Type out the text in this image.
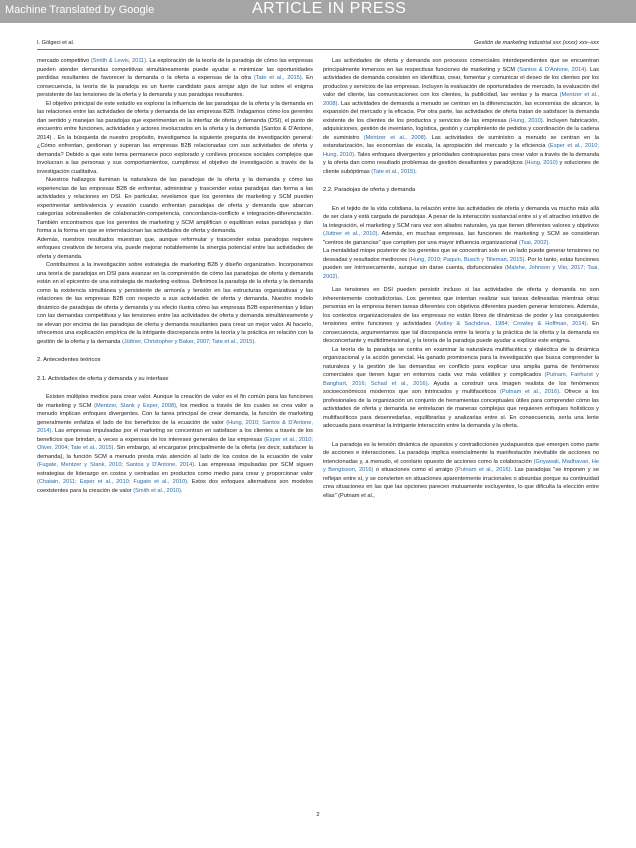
Machine Translated by Google	ARTICLE IN PRESS
I. Gölgeci et al.	Gestión de marketing industrial xxx (xxxx) xxx–xxx

mercado competitivo (Smith & Lewis, 2011). La exploración de la teoría de la paradoja de cómo las empresas pueden atender demandas competitivas simultáneamente puede ayudar a minimizar las oportunidades perdidas resultantes de favorecer la demanda o la oferta a expensas de la otra (Tate et al., 2015). En consecuencia, la teoría de la paradoja es un fuerte candidato para arrojar algo de luz sobre el enigma persistente de las tensiones de la oferta y la demanda y sus paradojas resultantes.

El objetivo principal de este estudio es explorar la influencia de las paradojas de la oferta y la demanda en las relaciones entre las actividades de oferta y demanda de las empresas B2B. Indagamos cómo los gerentes dan sentido y manejan las paradojas que experimentan en la interfaz de oferta y demanda (DSI), el punto de encuentro entre funciones, actividades y actores involucrados en la oferta y la demanda (Santos & D'Antone, 2014) . En la búsqueda de nuestro propósito, investigamos la siguiente pregunta de investigación general: ¿Cómo enfrentan, gestionan y superan las empresas B2B relacionadas con sus actividades de oferta y demanda? Debido a que este tema permanece poco explorado y conlleva procesos sociales complejos que involucran a las personas y sus comportamientos, cumplimos el objetivo de investigación a través de la investigación cualitativa.

Nuestros hallazgos iluminan la naturaleza de las paradojas de la oferta y la demanda y cómo las experiencias de las empresas B2B de enfrentar, administrar y trascender estas paradojas dan forma a las actividades y relaciones en DSI. En particular, revelamos que los gerentes de marketing y SCM pueden experimentar ambivalencia y evasión cuando enfrentan paradojas de oferta y demanda que abarcan categorías sobresalientes de colaboración-competencia, concordancia-conflicto e integración-diferenciación. También encontramos que los gerentes de marketing y SCM amplifican o equilibran estas paradojas y dan forma a la forma en que se interrelacionan las actividades de oferta y demanda.

Además, nuestros resultados muestran que, aunque reformular y trascender estas paradojas requiere enfoques creativos de tercera vía, puede mejorar notablemente la sinergia potencial entre las actividades de oferta y demanda.

Contribuimos a la investigación sobre estrategia de marketing B2B y diseño organizativo. Incorporamos una teoría de paradojas en DSI para avanzar en la comprensión de cómo las paradojas de oferta y demanda están en el epicentro de una estrategia de marketing exitosa. Definimos la paradoja de la oferta y la demanda como la existencia simultánea y persistente de armonía y tensión en las estructuras organizativas y las relaciones de las empresas B2B con respecto a sus actividades de oferta y demanda. Nuestro modelo dinámico de paradojas de oferta y demanda y su efecto ilustra cómo las empresas B2B experimentan y lidian con las demandas competitivas y las tensiones entre las actividades de oferta y demanda simultáneamente y se elevan por encima de las paradojas de oferta y demanda resultantes para crear un mejor valor. Al hacerlo, ofrecemos una explicación empírica de la intrigante discrepancia entre la teoría y la práctica en relación con la gestión de la oferta y la demanda (Jüttner, Christopher y Baker, 2007; Tate et al., 2015).

2. Antecedentes teóricos
2.1. Actividades de oferta y demanda y su interfase

Existen múltiples medios para crear valor. Aunque la creación de valor es el fin común para las funciones de marketing y SCM (Mentzer, Stank y Esper, 2008), los medios a través de los cuales se crea valor a menudo implican enfoques divergentes. Con la tarea principal de crear demanda, la función de marketing generalmente enfatiza el lado de los beneficios de la ecuación de valor (Hung, 2010; Santos & D'Antone, 2014). Las empresas impulsadas por el marketing se concentran en satisfacer a los clientes a través de los beneficios que brindan, a veces a expensas de los intereses generales de las empresas (Esper et al., 2010; Oliver, 2004; Tate et al., 2015). Sin embargo, al encargarse principalmente de la oferta (es decir, satisfacer la demanda), la función SCM a menudo presta más atención al lado de los costos de la ecuación de valor (Fugate, Mentzer y Stank, 2010; Santos y D'Antone, 2014). Las empresas impulsadas por SCM siguen estrategias de liderazgo en costos y centradas en productos como medio para crear y proporcionar valor (Chatain, 2011; Esper et al., 2010; Fugate et al., 2010). Estos dos enfoques alternativos son modelos coexistentes para la creación de valor (Smith et al., 2010).

Las actividades de oferta y demanda son procesos comerciales interdependientes que se encuentran principalmente inmersos en las respectivas funciones de marketing y SCM (Santos & D'Antone, 2014). Las actividades de demanda consisten en identificar, crear, fomentar y comunicar el deseo de los clientes por los productos y servicios de las empresas. Incluyen la evaluación de oportunidades de mercado, la evaluación del valor del cliente, las comunicaciones con los clientes, la publicidad, las ventas y la marca (Mentzer et al., 2008). Las actividades de demanda a menudo se centran en la diferenciación, las economías de alcance, la expansión del mercado y la eficacia. Por otra parte, las actividades de oferta tratan de satisfacer la demanda existente de los clientes de los productos y servicios de las empresas (Hung, 2010). Incluyen fabricación, adquisiciones, gestión de inventario, logística, gestión y cumplimiento de pedidos y coordinación de la cadena de suministro (Mentzer et al., 2008). Las actividades de suministro a menudo se centran en la estandarización, las economías de escala, la apropiación del mercado y la eficiencia (Esper et al., 2010; Hung, 2010). Tales enfoques divergentes y prioridades contrapuestas para crear valor a través de la demanda y la oferta dan como resultado problemas de gestión desafiantes y paradójicos (Hung, 2010) y soluciones de cliente subóptimas (Tate et al., 2015).

2.2. Paradojas de oferta y demanda

En el tejido de la vida cotidiana, la relación entre las actividades de oferta y demanda va mucho más allá de ser clara y está cargada de paradojas. A pesar de la interacción sustancial entre sí y el atractivo intuitivo de la integración, el marketing y SCM rara vez son aliados naturales, ya que tienen diferentes valores y objetivos (Jüttner et al., 2010). Además, en muchas empresas, las funciones de marketing y SCM se consideran "centros de ganancias" que compiten por una mayor influencia organizacional (Tsai, 2002).

La mentalidad miope posterior de los gerentes que se concentran solo en un lado puede generar tensiones no deseadas y resultados mediocres (Hung, 2010; Paquin, Busch y Tilleman, 2015). Por lo tanto, estas funciones pueden ser intrínsecamente, aunque sin darse cuenta, disfuncionales (Malshe, Johnson y Viio, 2017; Tsai, 2002).

Las tensiones en DSI pueden persistir incluso si las actividades de oferta y demanda no son inherentemente contradictorias. Los gerentes que intentan realizar sus tareas delineadas mientras otras personas en la empresa tienen tareas diferentes con objetivos diferentes pueden generar tensiones. Además, los contextos organizacionales de las empresas no están libres de dinámicas de poder y las consiguientes tensiones entre funciones y actividades (Astley & Sachdeva, 1984; Crowley & Hoffman, 2014). En consecuencia, argumentamos que tal discrepancia entre la teoría y la práctica de la oferta y la demanda es desconcertante y multidimensional, y la teoría de la paradoja puede ayudar a explicar este enigma.

La teoría de la paradoja se centra en examinar la naturaleza multifacética y dialéctica de la dinámica organizacional y la acción gerencial. Ha ganado prominencia para la investigación que busca comprender la naturaleza y la gestión de las demandas en conflicto para explicar una amplia gama de fenómenos comerciales que tienen lugar en entornos cada vez más volátiles y complicados (Putnam, Fairhurst y Banghart, 2016; Schad et al., 2016). Ayuda a construir una imagen realista de los fenómenos socioeconómicos modernos que son intrincados y multifacéticos (Putnam et al., 2016). Ofrece a los profesionales de la organización un conjunto de herramientas conceptuales útiles para comprender cómo las actividades de oferta y demanda se entrelazan de maneras complejas que requieren enfoques holísticos y multifacéticos para desenredarlas, equilibrarlas y analizarlas entre sí. En consecuencia, sería una lente adecuada para examinar la intrigante interacción entre la demanda y la oferta.

La paradoja es la tensión dinámica de opuestos y contradicciones yuxtapuestos que emergen como parte de acciones e interacciones. La paradoja implica esencialmente la manifestación inevitable de acciones no intencionadas y, a menudo, el corolario opuesto de acciones como la colaboración (Gnyawali, Madhavan, He y Bengtsson, 2016) o situaciones como el arraigo (Putnam et al., 2016). Las paradojas "se imponen y se reflejan entre sí, y se convierten en situaciones aparentemente irracionales o absurdas porque su continuidad crea situaciones en las que las opciones parecen mutuamente excluyentes, lo que dificulta la elección entre ellas" (Putnam et al.,

2
